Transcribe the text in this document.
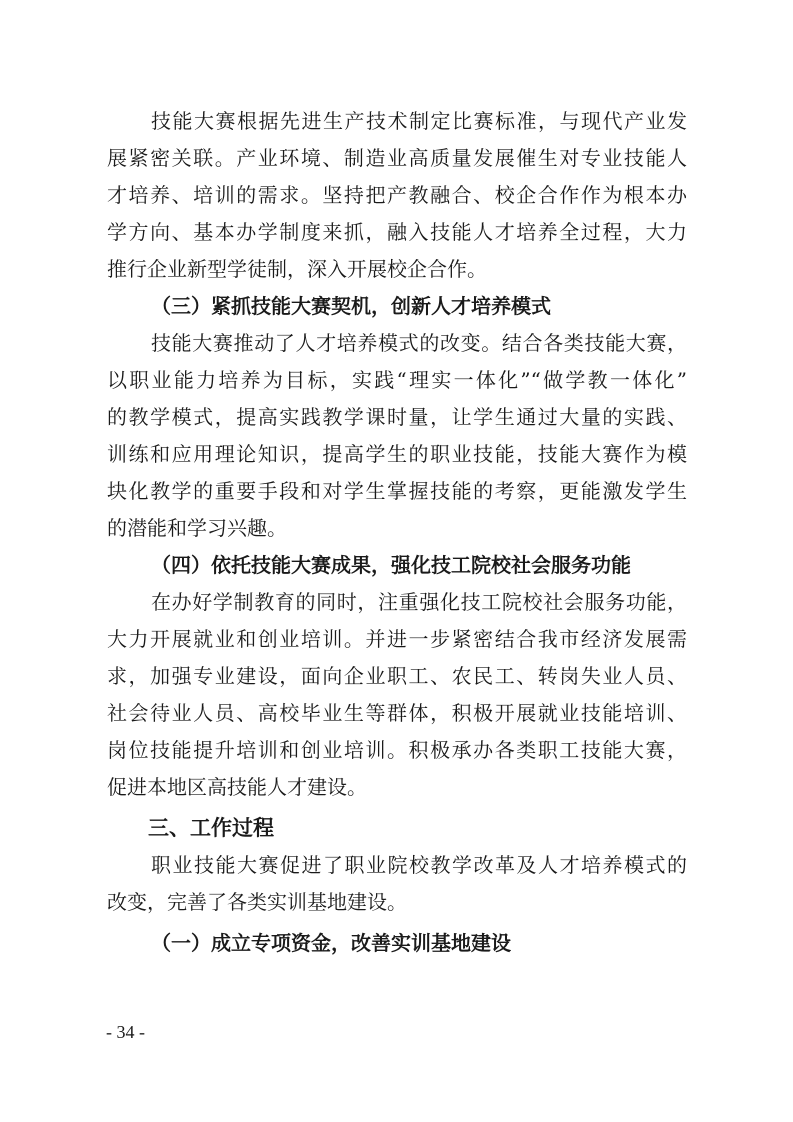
技能大赛根据先进生产技术制定比赛标准，与现代产业发
展紧密关联。产业环境、制造业高质量发展催生对专业技能人
才培养、培训的需求。坚持把产教融合、校企合作作为根本办
学方向、基本办学制度来抓，融入技能人才培养全过程，大力
推行企业新型学徒制，深入开展校企合作。
（三）紧抓技能大赛契机，创新人才培养模式
技能大赛推动了人才培养模式的改变。结合各类技能大赛，
以职业能力培养为目标，实践“理实一体化”“做学教一体化”
的教学模式，提高实践教学课时量，让学生通过大量的实践、
训练和应用理论知识，提高学生的职业技能，技能大赛作为模
块化教学的重要手段和对学生掌握技能的考察，更能激发学生
的潜能和学习兴趣。
（四）依托技能大赛成果，强化技工院校社会服务功能
在办好学制教育的同时，注重强化技工院校社会服务功能，
大力开展就业和创业培训。并进一步紧密结合我市经济发展需
求，加强专业建设，面向企业职工、农民工、转岗失业人员、
社会待业人员、高校毕业生等群体，积极开展就业技能培训、
岗位技能提升培训和创业培训。积极承办各类职工技能大赛，
促进本地区高技能人才建设。
三、工作过程
职业技能大赛促进了职业院校教学改革及人才培养模式的
改变，完善了各类实训基地建设。
（一）成立专项资金，改善实训基地建设
- 34 -
